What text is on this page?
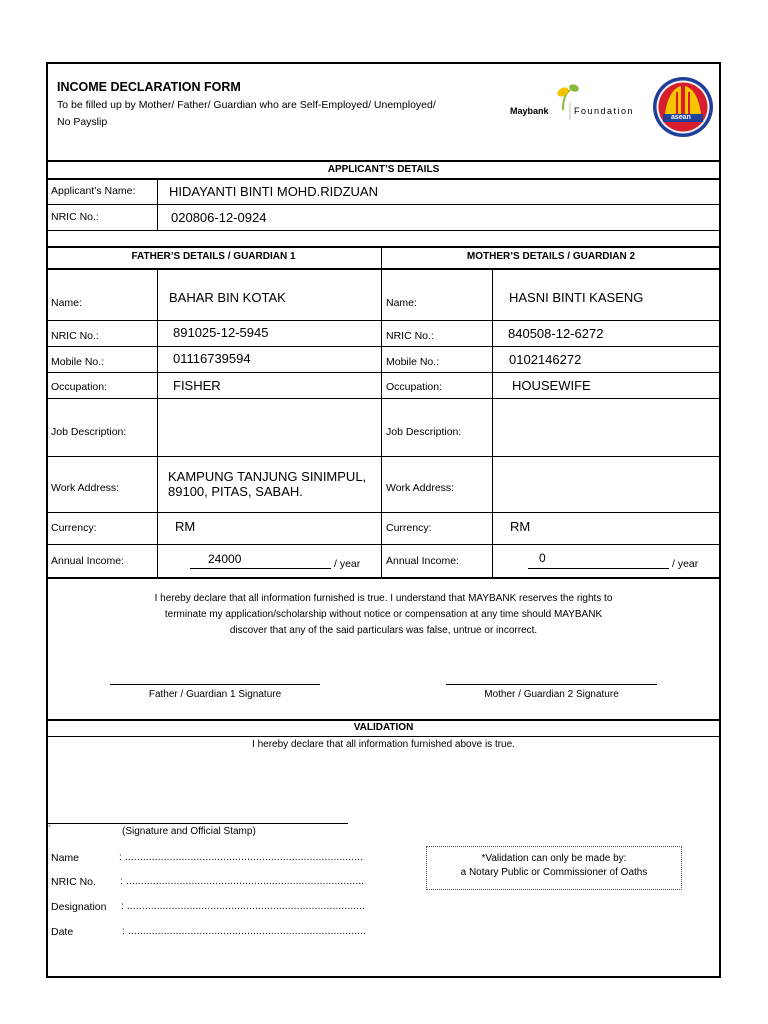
INCOME DECLARATION FORM
To be filled up by Mother/ Father/ Guardian who are Self-Employed/ Unemployed/
No Payslip
Maybank	Foundation
asean
APPLICANT’S DETAILS
Applicant’s Name:	HIDAYANTI BINTI MOHD.RIDZUAN
NRIC No.:	020806-12-0924
FATHER’S DETAILS / GUARDIAN 1	MOTHER’S DETAILS / GUARDIAN 2
Name:	BAHAR BIN KOTAK
NRIC No.:	891025-12-5945
Mobile No.:	01116739594
Occupation:	FISHER
Job Description:
Work Address:
KAMPUNG TANJUNG SINIMPUL,
89100, PITAS, SABAH.
Currency:	RM
Annual Income:	24000	/ year
Name:	HASNI BINTI KASENG
NRIC No.:	840508-12-6272
Mobile No.:	0102146272
Occupation:	HOUSEWIFE
Job Description:
Work Address:
Currency:	RM
Annual Income:	0	/ year
I hereby declare that all information furnished is true. I understand that MAYBANK reserves the rights to
terminate my application/scholarship without notice or compensation at any time should MAYBANK
discover that any of the said particulars was false, untrue or incorrect.
Father / Guardian 1 Signature	Mother / Guardian 2 Signature
VALIDATION
I hereby declare that all information furnished above is true.
`	(Signature and Official Stamp)
Name	: ................................................................................
NRIC No. : ................................................................................
Designation : ................................................................................
Date	: ................................................................................
*Validation can only be made by:
a Notary Public or Commissioner of Oaths
